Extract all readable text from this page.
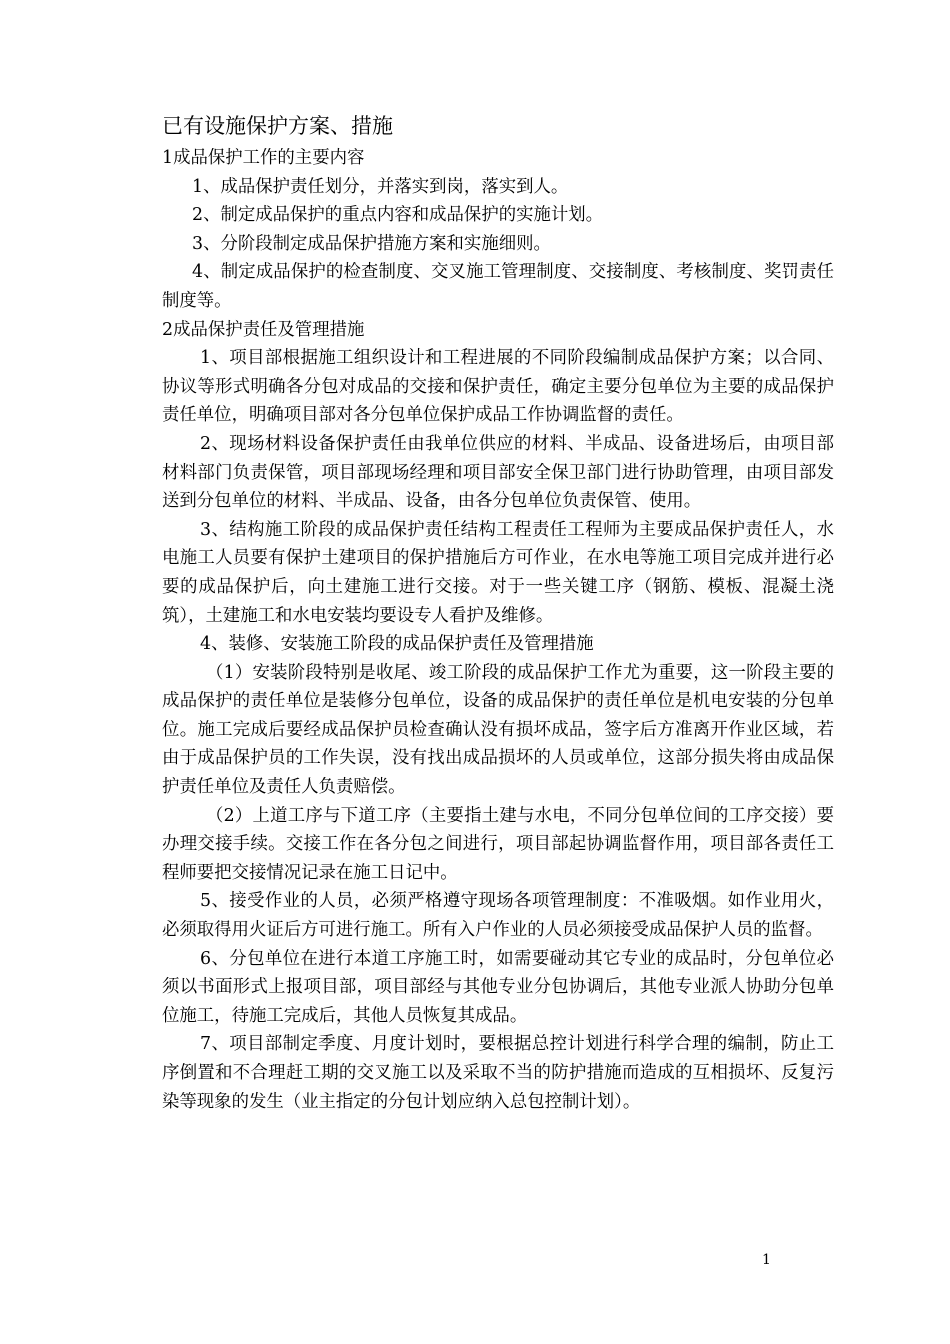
已有设施保护方案、措施

1成品保护工作的主要内容

1、成品保护责任划分，并落实到岗，落实到人。

2、制定成品保护的重点内容和成品保护的实施计划。

3、分阶段制定成品保护措施方案和实施细则。

4、制定成品保护的检查制度、交叉施工管理制度、交接制度、考核制度、奖罚责任制度等。

2成品保护责任及管理措施

1、项目部根据施工组织设计和工程进展的不同阶段编制成品保护方案；以合同、协议等形式明确各分包对成品的交接和保护责任，确定主要分包单位为主要的成品保护责任单位，明确项目部对各分包单位保护成品工作协调监督的责任。

2、现场材料设备保护责任由我单位供应的材料、半成品、设备进场后，由项目部材料部门负责保管，项目部现场经理和项目部安全保卫部门进行协助管理，由项目部发送到分包单位的材料、半成品、设备，由各分包单位负责保管、使用。

3、结构施工阶段的成品保护责任结构工程责任工程师为主要成品保护责任人，水电施工人员要有保护土建项目的保护措施后方可作业，在水电等施工项目完成并进行必要的成品保护后，向土建施工进行交接。对于一些关键工序（钢筋、模板、混凝土浇筑），土建施工和水电安装均要设专人看护及维修。

4、装修、安装施工阶段的成品保护责任及管理措施

（1）安装阶段特别是收尾、竣工阶段的成品保护工作尤为重要，这一阶段主要的成品保护的责任单位是装修分包单位，设备的成品保护的责任单位是机电安装的分包单位。施工完成后要经成品保护员检查确认没有损坏成品，签字后方准离开作业区域，若由于成品保护员的工作失误，没有找出成品损坏的人员或单位，这部分损失将由成品保护责任单位及责任人负责赔偿。

（2）上道工序与下道工序（主要指土建与水电，不同分包单位间的工序交接）要办理交接手续。交接工作在各分包之间进行，项目部起协调监督作用，项目部各责任工程师要把交接情况记录在施工日记中。

5、接受作业的人员，必须严格遵守现场各项管理制度：不准吸烟。如作业用火，必须取得用火证后方可进行施工。所有入户作业的人员必须接受成品保护人员的监督。

6、分包单位在进行本道工序施工时，如需要碰动其它专业的成品时，分包单位必须以书面形式上报项目部，项目部经与其他专业分包协调后，其他专业派人协助分包单位施工，待施工完成后，其他人员恢复其成品。

7、项目部制定季度、月度计划时，要根据总控计划进行科学合理的编制，防止工序倒置和不合理赶工期的交叉施工以及采取不当的防护措施而造成的互相损坏、反复污染等现象的发生（业主指定的分包计划应纳入总包控制计划）。

1
